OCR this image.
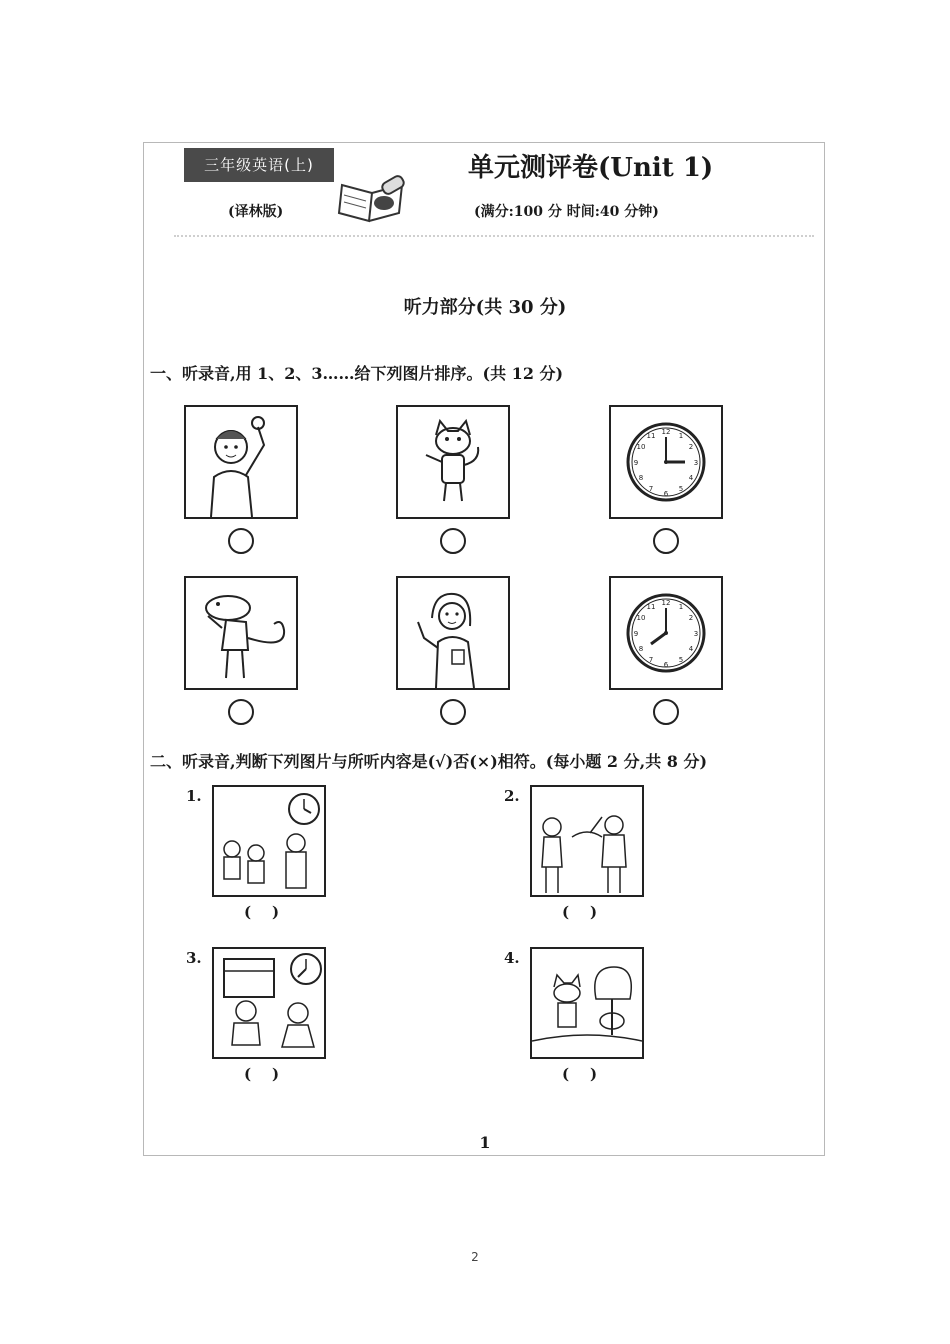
三年级英语(上)
(译林版)
单元测评卷(Unit 1)
(满分:100 分 时间:40 分钟)
听力部分(共 30 分)
一、听录音,用 1、2、3……给下列图片排序。(共 12 分)
12 1
2
3
4
5
6
7
8
9
10
11
12 1
2
3
4
5
6
7
8
9
10
11
二、听录音,判断下列图片与所听内容是(√)否(×)相符。(每小题 2 分,共 8 分)
1.
(    )
2.
(    )
3.
(    )
4.
(    )
1
2
